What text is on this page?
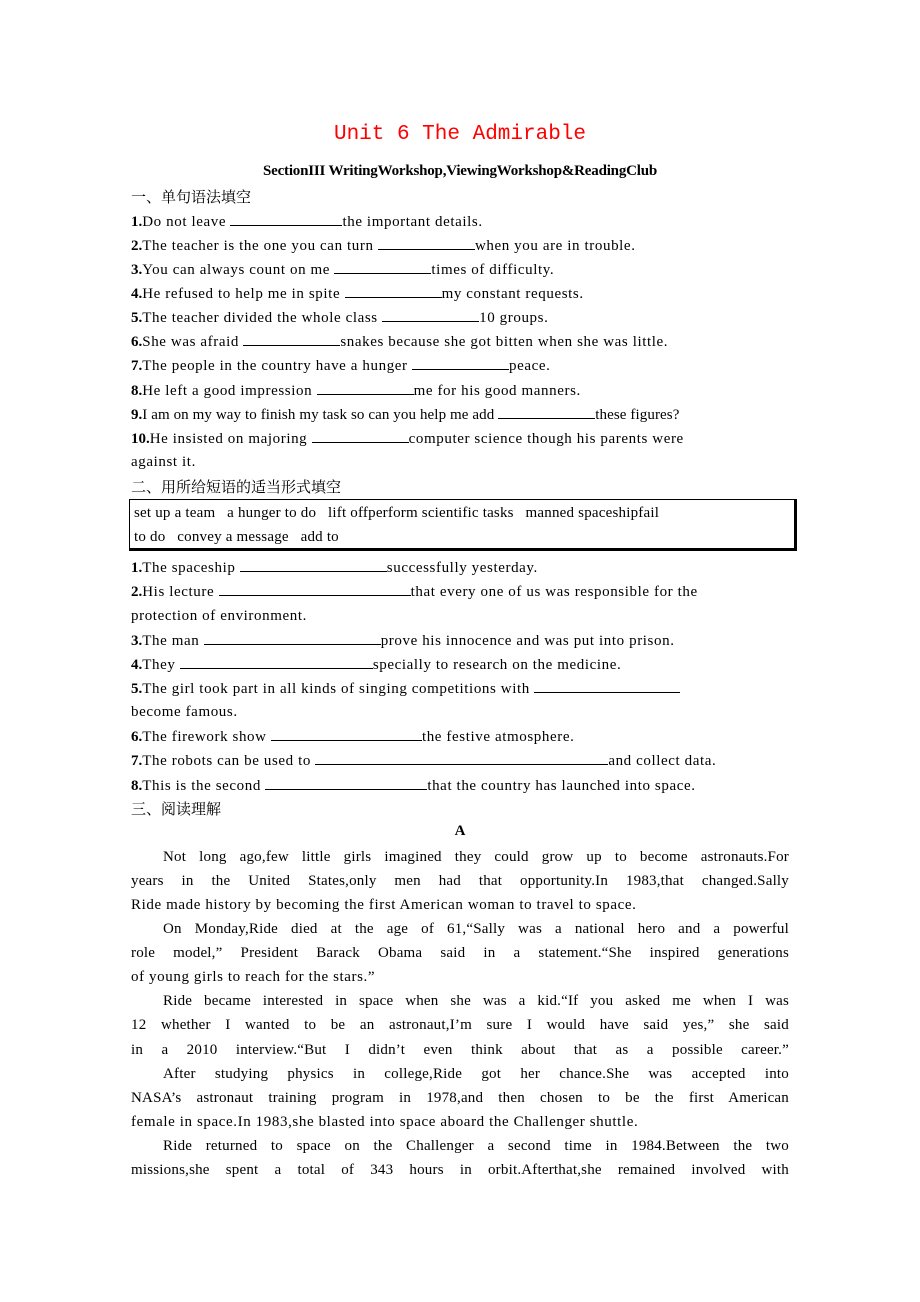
Unit 6 The Admirable
SectionIII WritingWorkshop,ViewingWorkshop&ReadingClub
一、单句语法填空
1.Do not leave	the important details.
2.The teacher is the one you can turn	when you are in trouble.
3.You can always count on me	times of difficulty.
4.He refused to help me in spite	my constant requests.
5.The teacher divided the whole class	10 groups.
6.She was afraid	snakes because she got bitten when she was little.
7.The people in the country have a hunger	peace.
8.He left a good impression	me for his good manners.
9.I am on my way to finish my task so can you help me add	these figures?
10.He insisted on majoring	computer science though his parents were
against it.
二、用所给短语的适当形式填空
set up a team   a hunger to do   lift offperform scientific tasks   manned spaceshipfail
to do   convey a message   add to
1.The spaceship	successfully yesterday.
2.His lecture	that every one of us was responsible for the
protection of environment.
3.The man	prove his innocence and was put into prison.
4.They	specially to research on the medicine.
5.The girl took part in all kinds of singing competitions with
become famous.
6.The firework show	the festive atmosphere.
7.The robots can be used to	and collect data.
8.This is the second	that the country has launched into space.
三、阅读理解
A
Not long ago,few little girls imagined they could grow up to become astronauts.For
years in the United States,only men had that opportunity.In 1983,that changed.Sally
Ride made history by becoming the first American woman to travel to space.
On Monday,Ride died at the age of 61,“Sally was a national hero and a powerful
role model,” President Barack Obama said in a statement.“She inspired generations
of young girls to reach for the stars.”
Ride became interested in space when she was a kid.“If you asked me when I was
12 whether I wanted to be an astronaut,I’m sure I would have said yes,” she said
in a 2010 interview.“But I didn’t even think about that as a possible career.”
After studying physics in college,Ride got her chance.She was accepted into
NASA’s astronaut training program in 1978,and then chosen to be the first American
female in space.In 1983,she blasted into space aboard the Challenger shuttle.
Ride returned to space on the Challenger a second time in 1984.Between the two
missions,she spent a total of 343 hours in orbit.Afterthat,she remained involved with
